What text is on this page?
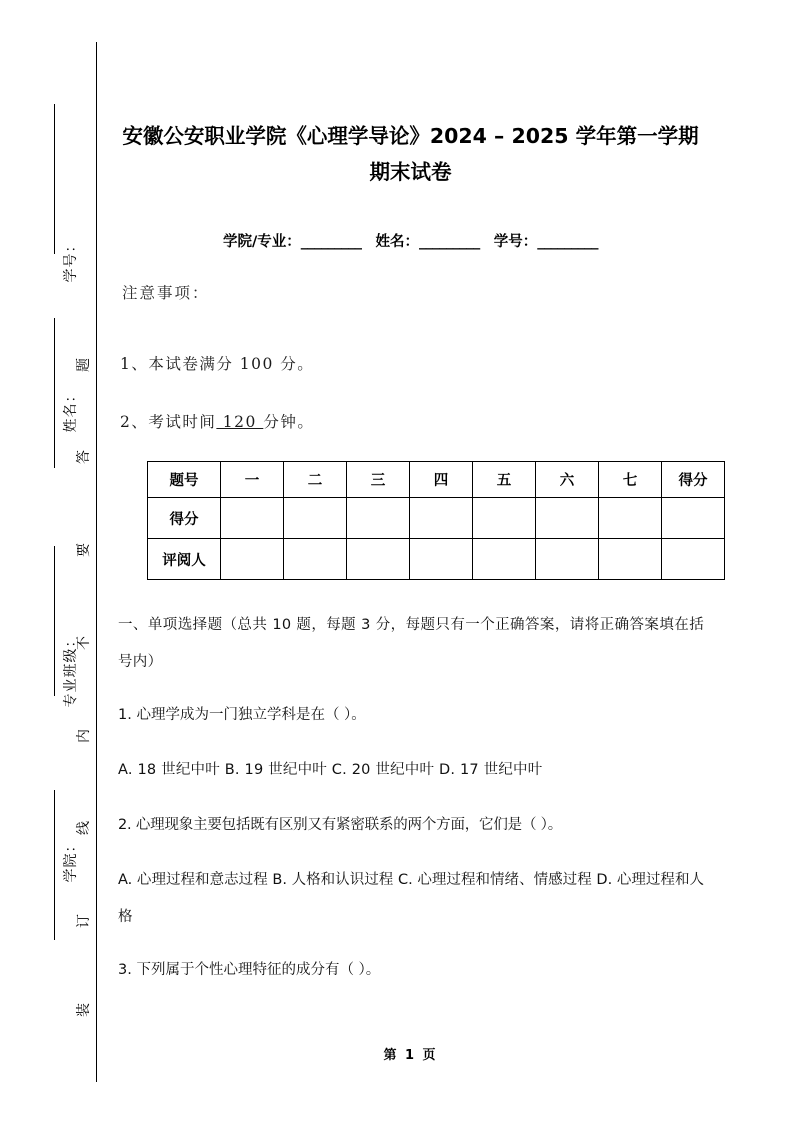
学号：
姓名：
专业班级：
学院：
题
答
要
不
内
线
订
装
安徽公安职业学院《心理学导论》2024 – 2025 学年第一学期期末试卷
学院/专业：_________ 姓名：_________ 学号：_________
注意事项：
1、本试卷满分 100 分。
2、考试时间 120 分钟。
题号	一	二	三	四	五	六	七	得分
得分								
评阅人								
一、单项选择题（总共 10 题，每题 3 分，每题只有一个正确答案，请将正确答案填在括号内）
1. 心理学成为一门独立学科是在（ ）。
A. 18 世纪中叶 B. 19 世纪中叶 C. 20 世纪中叶 D. 17 世纪中叶
2. 心理现象主要包括既有区别又有紧密联系的两个方面，它们是（ ）。
A. 心理过程和意志过程 B. 人格和认识过程 C. 心理过程和情绪、情感过程 D. 心理过程和人格
3. 下列属于个性心理特征的成分有（ ）。
第 1 页
